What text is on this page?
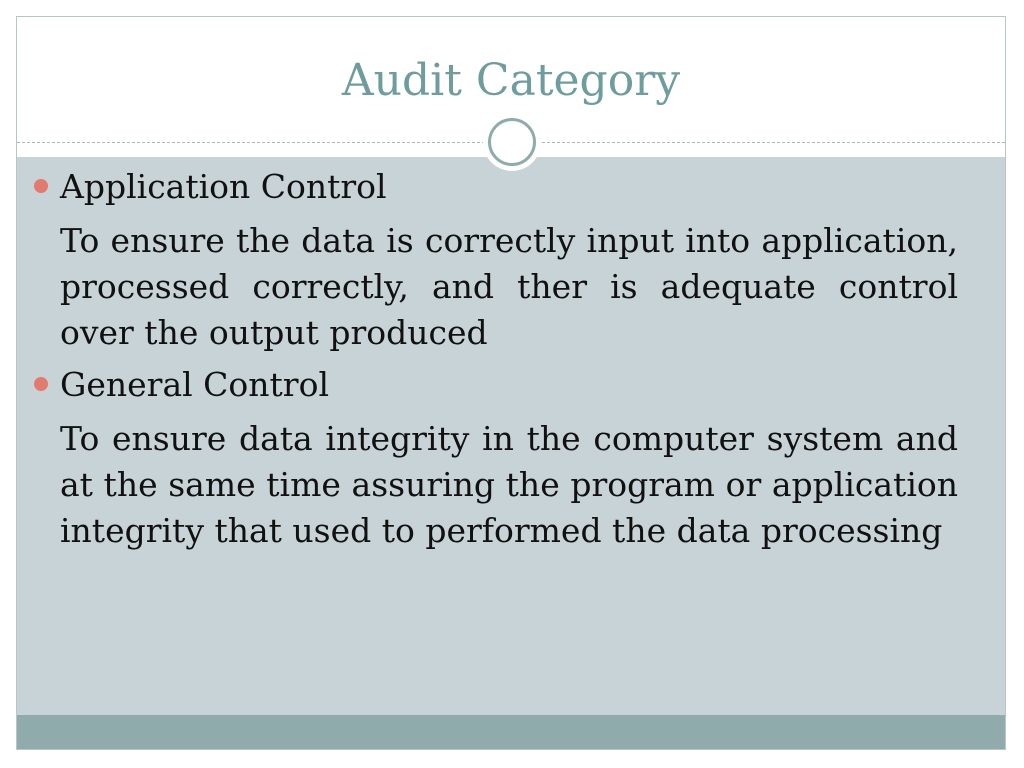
Audit Category
Application Control
To ensure the data is correctly input into application, processed correctly, and ther is adequate control over the output produced
General Control
To ensure data integrity in the computer system and at the same time assuring the program or application integrity that used to performed the data processing
